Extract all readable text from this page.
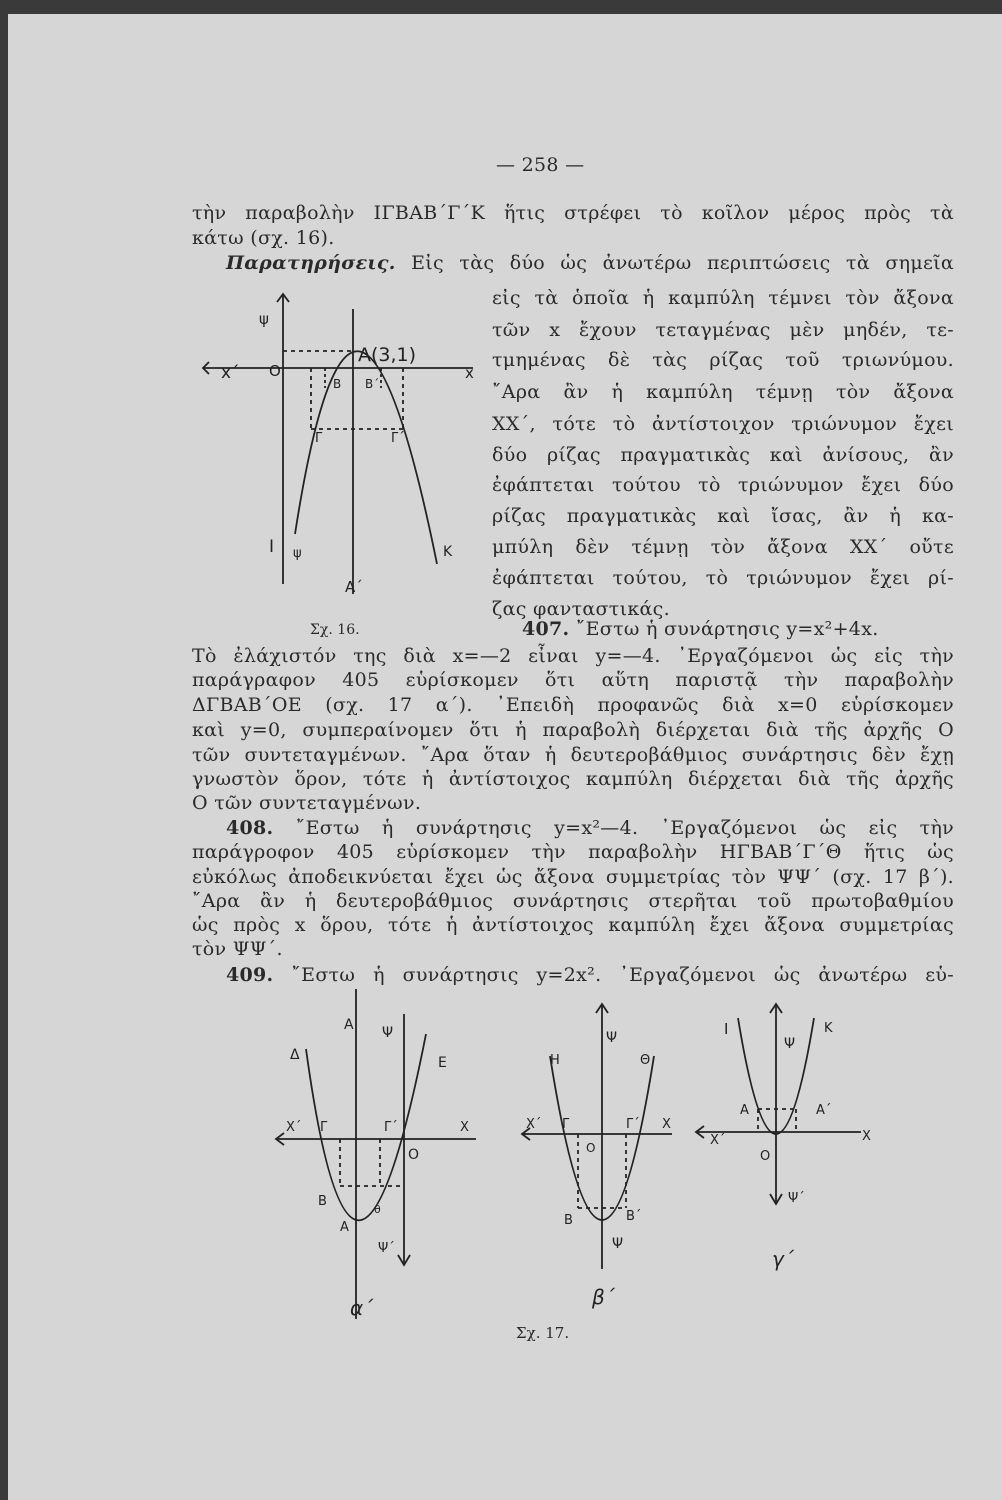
— 258 —
τὴν παραβολὴν ΙΓΒΑΒ΄Γ΄Κ ἥτις στρέφει τὸ κοῖλον μέρος πρὸς τὰ
κάτω (σχ. 16).
Παρατηρήσεις. Εἰς τὰς δύο ὡς ἀνωτέρω περιπτώσεις τὰ σημεῖα
εἰς τὰ ὁποῖα ἡ καμπύλη τέμνει τὸν ἄξονα
τῶν x ἔχουν τεταγμένας μὲν μηδέν, τε-
τμημένας δὲ τὰς ρίζας τοῦ τριωνύμου.
῎Αρα ἂν ἡ καμπύλη τέμνῃ τὸν ἄξονα
ΧΧ΄, τότε τὸ ἀντίστοιχον τριώνυμον ἔχει
δύο ρίζας πραγματικὰς καὶ ἀνίσους, ἂν
ἐφάπτεται τούτου τὸ τριώνυμον ἔχει δύο
ρίζας πραγματικὰς καὶ ἴσας, ἂν ἡ κα-
μπύλη δὲν τέμνῃ τὸν ἄξονα ΧΧ΄ οὔτε
ἐφάπτεται τούτου, τὸ τριώνυμον ἔχει ρί-
ζας φανταστικάς.
ψ
x΄ O
Α(3,1)
x
Β Β΄
Γ	Γ΄
Ι ψ	Κ
Α΄
Σχ. 16.	407. ῎Εστω ἡ συνάρτησις y=x²+4x.
Τὸ ἐλάχιστόν της διὰ x=—2 εἶναι y=—4. ᾿Εργαζόμενοι ὡς εἰς τὴν
παράγραφον 405 εὑρίσκομεν ὅτι αὕτη παριστᾷ τὴν παραβολὴν
ΔΓΒΑΒ΄ΟΕ (σχ. 17 α΄). ᾿Επειδὴ προφανῶς διὰ x=0 εὑρίσκομεν
καὶ y=0, συμπεραίνομεν ὅτι ἡ παραβολὴ διέρχεται διὰ τῆς ἀρχῆς Ο
τῶν συντεταγμένων. ῎Αρα ὅταν ἡ δευτεροβάθμιος συνάρτησις δὲν ἔχῃ
γνωστὸν ὅρον, τότε ἡ ἀντίστοιχος καμπύλη διέρχεται διὰ τῆς ἀρχῆς
Ο τῶν συντεταγμένων.
408. ῎Εστω ἡ συνάρτησις y=x²—4. ᾿Εργαζόμενοι ὡς εἰς τὴν
παράγροφον 405 εὑρίσκομεν τὴν παραβολὴν ΗΓΒΑΒ΄Γ΄Θ ἥτις ὡς
εὐκόλως ἀποδεικνύεται ἔχει ὡς ἄξονα συμμετρίας τὸν ΨΨ΄ (σχ. 17 β΄).
῎Αρα ἂν ἡ δευτεροβάθμιος συνάρτησις στερῆται τοῦ πρωτοβαθμίου
ὡς πρὸς x ὅρου, τότε ἡ ἀντίστοιχος καμπύλη ἔχει ἄξονα συμμετρίας
τὸν ΨΨ΄.
409. ῎Εστω ἡ συνάρτησις y=2x². ᾿Εργαζόμενοι ὡς ἀνωτέρω εὑ-
Α Ψ
Δ	Ε
Χ΄ Γ	Γ΄	Χ
Ο
Β
θ
Α
Ψ΄
α΄
Ψ
Η	Θ
Χ΄ Γ	Γ΄ Χ
Ο
Β	Β΄
Ψ
β΄
Ι
Ψ
Κ
Α	Α΄
Χ΄	Χ
Ο
Ψ΄
γ΄
Σχ. 17.
